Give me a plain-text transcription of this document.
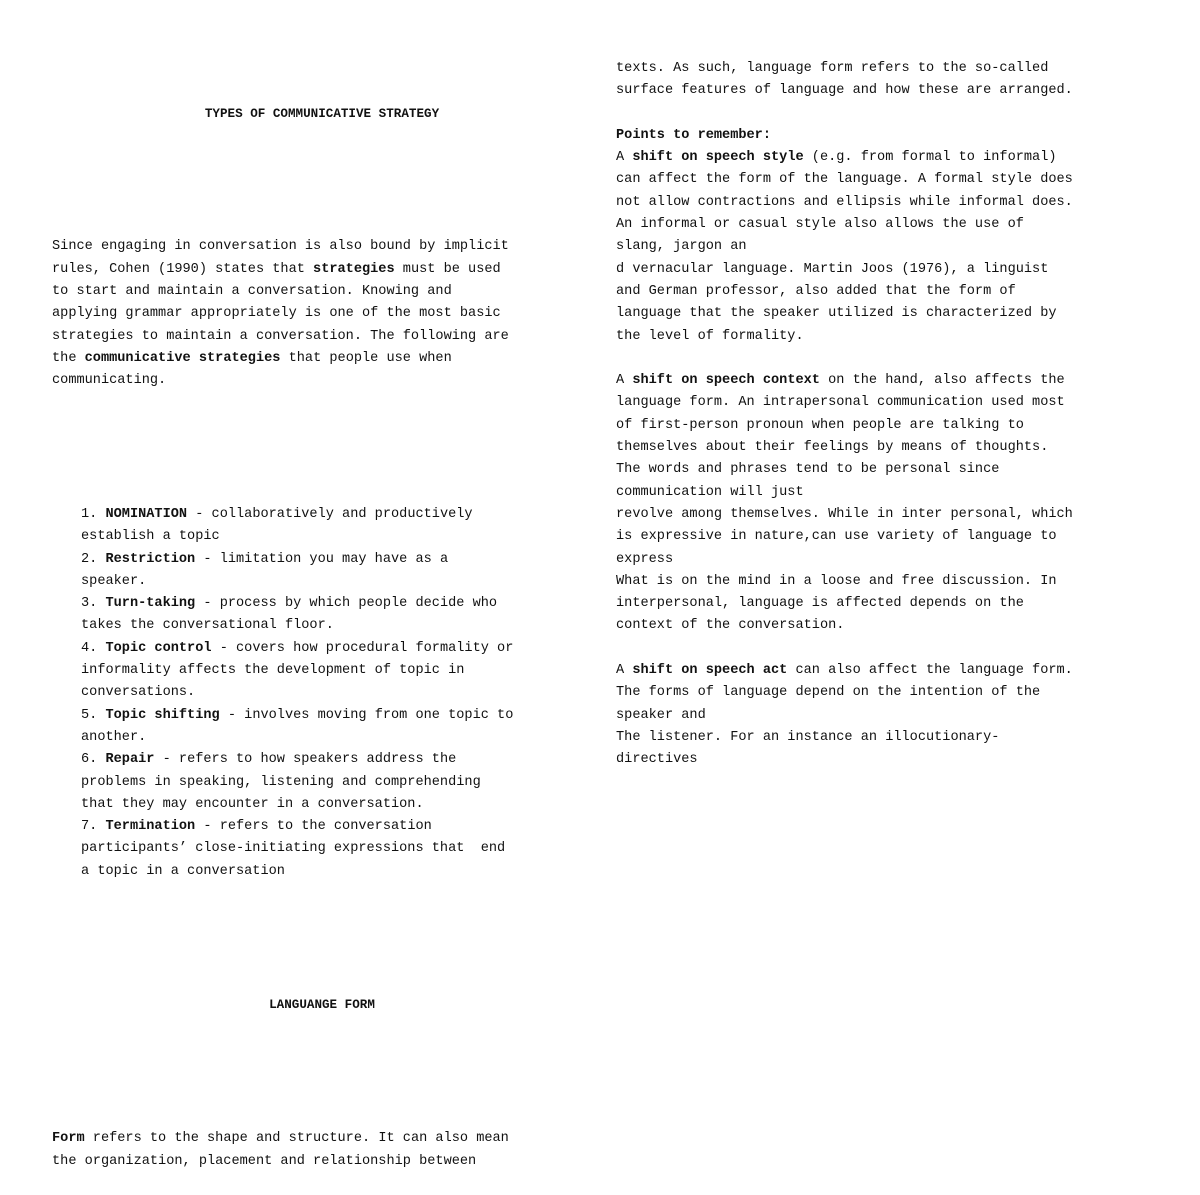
TYPES OF COMMUNICATIVE STRATEGY

Since engaging in conversation is also bound by implicit
rules, Cohen (1990) states that strategies must be used
to start and maintain a conversation. Knowing and
applying grammar appropriately is one of the most basic
strategies to maintain a conversation. The following are
the communicative strategies that people use when
communicating.

1. NOMINATION - collaboratively and productively
establish a topic
2. Restriction - limitation you may have as a
speaker.
3. Turn-taking - process by which people decide who
takes the conversational floor.
4. Topic control - covers how procedural formality or
informality affects the development of topic in
conversations.
5. Topic shifting - involves moving from one topic to
another.
6. Repair - refers to how speakers address the
problems in speaking, listening and comprehending
that they may encounter in a conversation.
7. Termination - refers to the conversation
participants’ close-initiating expressions that  end
a topic in a conversation

LANGUANGE FORM

Form refers to the shape and structure. It can also mean
the organization, placement and relationship between

texts. As such, language form refers to the so-called
surface features of language and how these are arranged.
Points to remember:
A shift on speech style (e.g. from formal to informal)
can affect the form of the language. A formal style does
not allow contractions and ellipsis while informal does.
An informal or casual style also allows the use of
slang, jargon an
d vernacular language. Martin Joos (1976), a linguist
and German professor, also added that the form of
language that the speaker utilized is characterized by
the level of formality.
A shift on speech context on the hand, also affects the
language form. An intrapersonal communication used most
of first-person pronoun when people are talking to
themselves about their feelings by means of thoughts.
The words and phrases tend to be personal since
communication will just
revolve among themselves. While in inter personal, which
is expressive in nature,can use variety of language to
express
What is on the mind in a loose and free discussion. In
interpersonal, language is affected depends on the
context of the conversation.
A shift on speech act can also affect the language form.
The forms of language depend on the intention of the
speaker and
The listener. For an instance an illocutionary-
directives
